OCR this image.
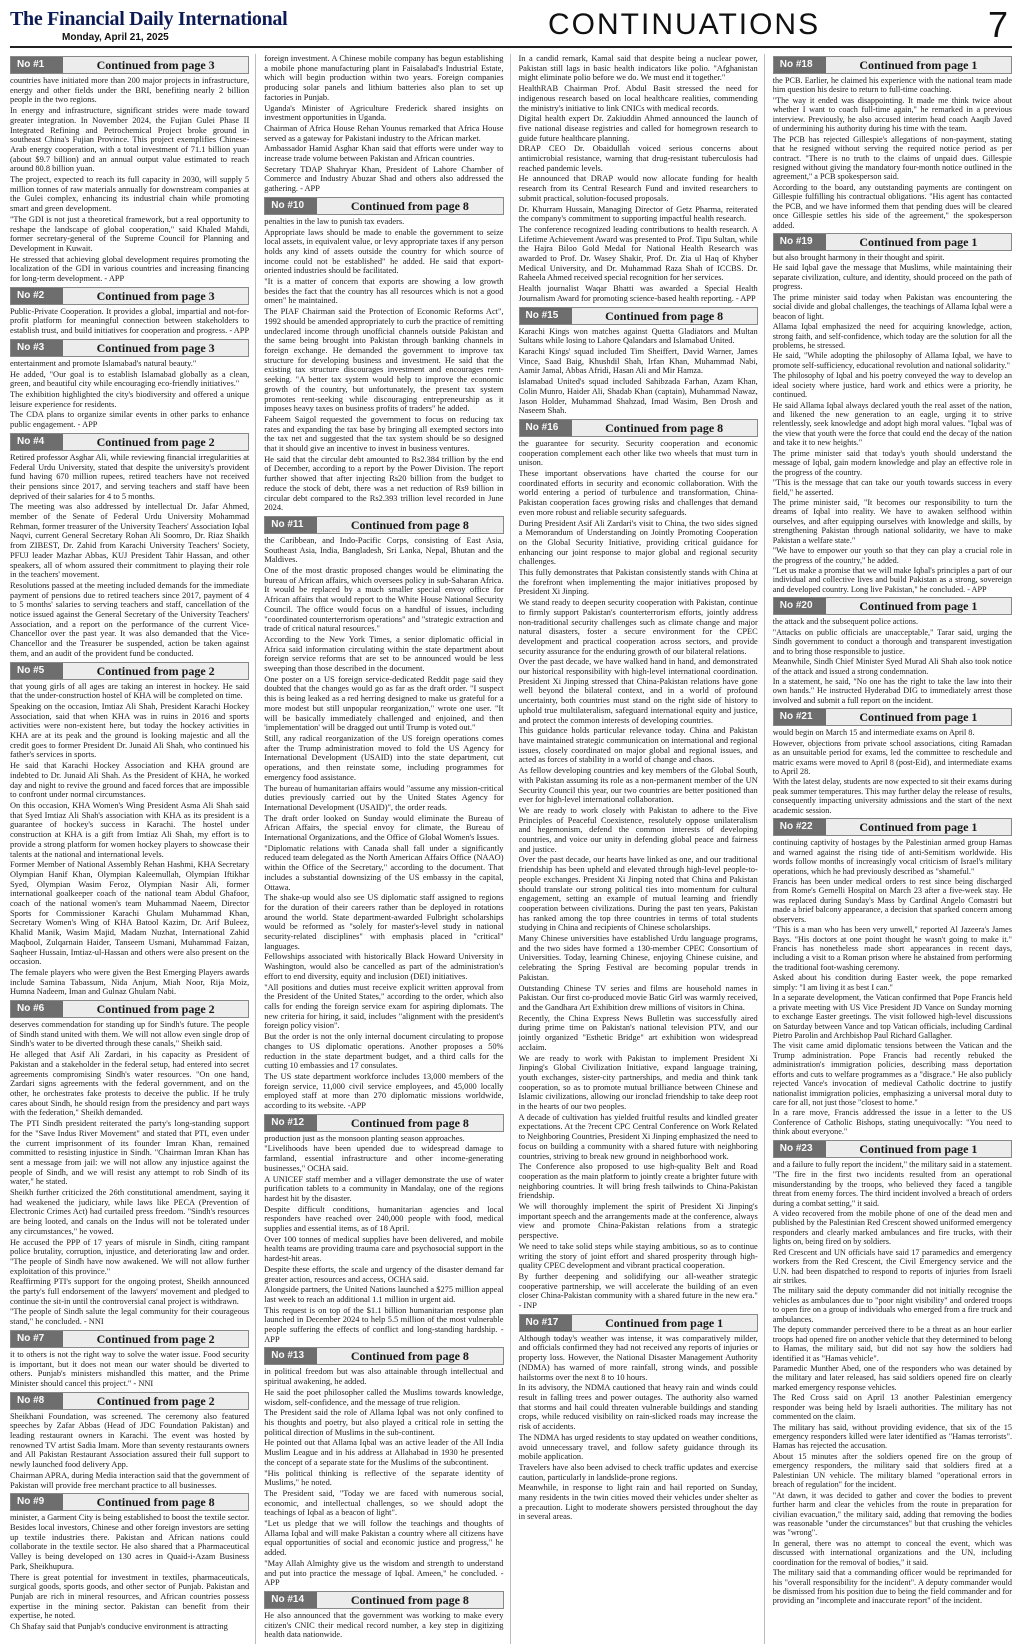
The Financial Daily International
Monday, April 21, 2025	CONTINUATIONS	7
No #1	Continued from page 3

countries have initiated more than 200 major projects in infrastructure, energy and other fields under the BRI, benefiting nearly 2 billion people in the two regions.

In energy and infrastructure, significant strides were made toward greater integration. In November 2024, the Fujian Gulei Phase II Integrated Refining and Petrochemical Project broke ground in southeast China's Fujian Province. This project exemplifies Chinese-Arab energy cooperation, with a total investment of 71.1 billion yuan (about $9.7 billion) and an annual output value estimated to reach around 80.8 billion yuan.

The project, expected to reach its full capacity in 2030, will supply 5 million tonnes of raw materials annually for downstream companies at the Gulei complex, enhancing its industrial chain while promoting smart and green development.

"The GDI is not just a theoretical framework, but a real opportunity to reshape the landscape of global cooperation," said Khaled Mahdi, former secretary-general of the Supreme Council for Planning and Development in Kuwait.

He stressed that achieving global development requires promoting the localization of the GDI in various countries and increasing financing for long-term development. - APP

No #2	Continued from page 3

Public-Private Cooperation. It provides a global, impartial and not-for-profit platform for meaningful connection between stakeholders to establish trust, and build initiatives for cooperation and progress. - APP

No #3	Continued from page 3

entertainment and promote Islamabad's natural beauty."

He added, "Our goal is to establish Islamabad globally as a clean, green, and beautiful city while encouraging eco-friendly initiatives."

The exhibition highlighted the city's biodiversity and offered a unique leisure experience for residents.

The CDA plans to organize similar events in other parks to enhance public engagement. - APP

No #4	Continued from page 2

Retired professor Asghar Ali, while reviewing financial irregularities at Federal Urdu University, stated that despite the university's provident fund having 670 million rupees, retired teachers have not received their pensions since 2017, and serving teachers and staff have been deprived of their salaries for 4 to 5 months.

The meeting was also addressed by intellectual Dr. Jafar Ahmed, member of the Senate of Federal Urdu University Mohammad Rehman, former treasurer of the University Teachers' Association Iqbal Naqvi, current General Secretary Rohan Ali Soomro, Dr. Riaz Shaikh from ZIBEST, Dr. Zahid from Karachi University Teachers' Society, PFUJ leader Mazhar Abbas, KUJ President Tahir Hassan, and other speakers, all of whom assured their commitment to playing their role in the teachers' movement.

Resolutions passed at the meeting included demands for the immediate payment of pensions due to retired teachers since 2017, payment of 4 to 5 months' salaries to serving teachers and staff, cancellation of the notice issued against the General Secretary of the University Teachers' Association, and a report on the performance of the current Vice-Chancellor over the past year. It was also demanded that the Vice-Chancellor and the Treasurer be suspended, action be taken against them, and an audit of the provident fund be conducted.

No #5	Continued from page 2

that young girls of all ages are taking an interest in hockey. He said that the under-construction hostel of KHA will be completed on time.

Speaking on the occasion, Imtiaz Ali Shah, President Karachi Hockey Association, said that when KHA was in ruins in 2016 and sports activities were non-existent here, but today the hockey activities in KHA are at its peak and the ground is looking majestic and all the credit goes to former President Dr. Junaid Ali Shah, who continued his father's services in sports.

He said that Karachi Hockey Association and KHA ground are indebted to Dr. Junaid Ali Shah. As the President of KHA, he worked day and night to revive the ground and faced forces that are impossible to confront under normal circumstances.

On this occasion, KHA Women's Wing President Asma Ali Shah said that Syed Imtiaz Ali Shah's association with KHA as its president is a guarantee of hockey's success in Karachi. The hostel under construction at KHA is a gift from Imtiaz Ali Shah, my effort is to provide a strong platform for women hockey players to showcase their talents at the national and international levels.

Former Member of National Assembly Rehan Hashmi, KHA Secretary Olympian Hanif Khan, Olympian Kaleemullah, Olympian Iftikhar Syed, Olympian Wasim Feroz, Olympian Nasir Ali, former international goalkeeper coach of the national team Abdul Ghafoor, coach of the national women's team Muhammad Naeem, Director Sports for Commissioner Karachi Ghulam Muhammad Khan, Secretary Women's Wing of KHA Batool Kazim, Dr. Arif Buleez, Khalid Manik, Wasim Majid, Madam Nuzhat, International Zahid Maqbool, Zulqarnain Haider, Tanseem Usmani, Muhammad Faizan, Saqheer Hussain, Imtiaz-ul-Hassan and others were also present on the occasion.

The female players who were given the Best Emerging Players awards include Samina Tabassum, Nida Anjum, Miah Noor, Rija Moiz, Humna Nadeem, Iman and Gulnaz Ghulam Nabi.

No #6	Continued from page 2

deserves commendation for standing up for Sindh's future. The people of Sindh stand united with them. We will not allow even single drop of Sindh's water to be diverted through these canals," Sheikh said.

He alleged that Asif Ali Zardari, in his capacity as President of Pakistan and a stakeholder in the federal setup, had entered into secret agreements compromising Sindh's water resources. "On one hand, Zardari signs agreements with the federal government, and on the other, he orchestrates fake protests to deceive the public. If he truly cares about Sindh, he should resign from the presidency and part ways with the federation," Sheikh demanded.

The PTI Sindh president reiterated the party's long-standing support for the "Save Indus River Movement" and stated that PTI, even under the current imprisonment of its founder Imran Khan, remained committed to resisting injustice in Sindh. "Chairman Imran Khan has sent a message from jail: we will not allow any injustice against the people of Sindh, and we will resist any attempt to rob Sindh of its water," he stated.

Sheikh further criticized the 26th constitutional amendment, saying it had weakened the judiciary, while laws like PECA (Prevention of Electronic Crimes Act) had curtailed press freedom. "Sindh's resources are being looted, and canals on the Indus will not be tolerated under any circumstances," he vowed.

He accused the PPP of 17 years of misrule in Sindh, citing rampant police brutality, corruption, injustice, and deteriorating law and order. "The people of Sindh have now awakened. We will not allow further exploitation of this province."

Reaffirming PTI's support for the ongoing protest, Sheikh announced the party's full endorsement of the lawyers' movement and pledged to continue the sit-in until the controversial canal project is withdrawn.

"The people of Sindh salute the legal community for their courageous stand," he concluded. - NNI

No #7	Continued from page 2

it to others is not the right way to solve the water issue. Food security is important, but it does not mean our water should be diverted to others. Punjab's ministers mishandled this matter, and the Prime Minister should cancel this project." - NNI

No #8	Continued from page 2

Sheikhani Foundation, was screened. The ceremony also featured speeches by Zafar Abbas (Head of JDC Foundation Pakistan) and leading restaurant owners in Karachi. The event was hosted by renowned TV artist Sadia Imam. More than seventy restaurants owners and All Pakistan Restaurant Association assured their full support to newly launched food delivery App.

Chairman APRA, during Media interaction said that the government of Pakistan will provide free merchant practice to all businesses.

No #9	Continued from page 8

minister, a Garment City is being established to boost the textile sector. Besides local investors, Chinese and other foreign investors are setting up textile industries there. Pakistan and African nations could collaborate in the textile sector. He also shared that a Pharmaceutical Valley is being developed on 130 acres in Quaid-i-Azam Business Park, Sheikhupura.

There is great potential for investment in textiles, pharmaceuticals, surgical goods, sports goods, and other sector of Punjab. Pakistan and Punjab are rich in mineral resources, and African countries possess expertise in the mining sector. Pakistan can benefit from their expertise, he noted.

Ch Shafay said that Punjab's conducive environment is attracting

foreign investment. A Chinese mobile company has begun establishing a mobile phone manufacturing plant in Faisalabad's Industrial Estate, which will begin production within two years. Foreign companies producing solar panels and lithium batteries also plan to set up factories in Punjab.

Uganda's Minister of Agriculture Frederick shared insights on investment opportunities in Uganda.

Chairman of Africa House Rehan Younus remarked that Africa House served as a gateway for Pakistani industry to the African market.

Ambassador Hamid Asghar Khan said that efforts were under way to increase trade volume between Pakistan and African countries.

Secretary TDAP Shahryar Khan, President of Lahore Chamber of Commerce and Industry Abuzar Shad and others also addressed the gathering. - APP

No #10	Continued from page 8

penalties in the law to punish tax evaders.

Appropriate laws should be made to enable the government to seize local assets, in equivalent value, or levy appropriate taxes if any person holds any kind of assets outside the country for which source of income could not be established" he added. He said that export-oriented industries should be facilitated.

"It is a matter of concern that exports are showing a low growth besides the fact that the country has all resources which is not a good omen" he maintained.

The PIAF Chairman said the Protection of Economic Reforms Act", 1992 should be amended appropriately to curb the practice of remitting undeclared income through unofficial channels outside Pakistan and the same being brought into Pakistan through banking channels in foreign exchange. He demanded the government to improve tax structure for developing business and investment. He said that the existing tax structure discourages investment and encourages rent-seeking. "A better tax system would help to improve the economic growth of the country, but unfortunately, the present tax system promotes rent-seeking while discouraging entrepreneurship as it imposes heavy taxes on business profits of traders" he added.

Faheem Saigol requested the government to focus on reducing tax rates and expanding the tax base by bringing all exempted sectors into the tax net and suggested that the tax system should be so designed that it should give an incentive to invest in business ventures.

He said that the circular debt amounted to Rs2.384 trillion by the end of December, according to a report by the Power Division. The report further showed that after injecting Rs20 billion from the budget to reduce the stock of debt, there was a net reduction of Rs9 billion in circular debt compared to the Rs2.393 trillion level recorded in June 2024.

No #11	Continued from page 8

the Caribbean, and Indo-Pacific Corps, consisting of East Asia, Southeast Asia, India, Bangladesh, Sri Lanka, Nepal, Bhutan and the Maldives.

One of the most drastic proposed changes would be eliminating the bureau of African affairs, which oversees policy in sub-Saharan Africa. It would be replaced by a much smaller special envoy office for African affairs that would report to the White House National Security Council. The office would focus on a handful of issues, including "coordinated counterterrorism operations" and "strategic extraction and trade of critical natural resources."

According to the New York Times, a senior diplomatic official in Africa said information circulating within the state department about foreign service reforms that are set to be announced would be less sweeping than those described in the document.

One poster on a US foreign service-dedicated Reddit page said they doubted that the changes would go as far as the draft order. "I suspect this is being leaked as a red herring designed to make us grateful for a more modest but still unpopular reorganization," wrote one user. "It will be basically immediately challenged and enjoined, and then 'implementation' will be dragged out until Trump is voted out."

Still, any radical reorganization of the US foreign operations comes after the Trump administration moved to fold the US Agency for International Development (USAID) into the state department, cut operations, and then reinstate some, including programmes for emergency food assistance.

The bureau of humanitarian affairs would "assume any mission-critical duties previously carried out by the United States Agency for International Development (USAID)", the order reads.

The draft order looked on Sunday would eliminate the Bureau of African Affairs, the special envoy for climate, the Bureau of International Organizations, and the Office of Global Women's Issues.

"Diplomatic relations with Canada shall fall under a significantly reduced team delegated as the North American Affairs Office (NAAO) within the Office of the Secretary," according to the document. That includes a substantial downsizing of the US embassy in the capital, Ottawa.

The shake-up would also see US diplomatic staff assigned to regions for the duration of their careers rather than be deployed in rotations around the world. State department-awarded Fulbright scholarships would be reformed as "solely for master's-level study in national security-related disciplines" with emphasis placed in "critical" languages.

Fellowships associated with historically Black Howard University in Washington, would also be cancelled as part of the administration's effort to end diversity, equity and inclusion (DEI) initiatives.

"All positions and duties must receive explicit written approval from the President of the United States," according to the order, which also calls for ending the foreign service exam for aspiring diplomats. The new criteria for hiring, it said, includes "alignment with the president's foreign policy vision".

But the order is not the only internal document circulating to propose changes to US diplomatic operations. Another proposes a 50% reduction in the state department budget, and a third calls for the cutting 10 embassies and 17 consulates.

The US state department workforce includes 13,000 members of the foreign service, 11,000 civil service employees, and 45,000 locally employed staff at more than 270 diplomatic missions worldwide, according to its website. -APP

No #12	Continued from page 8

production just as the monsoon planting season approaches.

"Livelihoods have been upended due to widespread damage to farmland, essential infrastructure and other income-generating businesses," OCHA said.

A UNICEF staff member and a villager demonstrate the use of water purification tablets to a community in Mandalay, one of the regions hardest hit by the disaster.

Despite difficult conditions, humanitarian agencies and local responders have reached over 240,000 people with food, medical supplies and essential items, as of 18 April.

Over 100 tonnes of medical supplies have been delivered, and mobile health teams are providing trauma care and psychosocial support in the hardest-hit areas.

Despite these efforts, the scale and urgency of the disaster demand far greater action, resources and access, OCHA said.

Alongside partners, the United Nations launched a $275 million appeal last week to reach an additional 1.1 million in urgent aid.

This request is on top of the $1.1 billion humanitarian response plan launched in December 2024 to help 5.5 million of the most vulnerable people suffering the effects of conflict and long-standing hardship. - APP

No #13	Continued from page 8

in political freedom but was also attainable through intellectual and spiritual awakening, he added.

He said the poet philosopher called the Muslims towards knowledge, wisdom, self-confidence, and the message of true religion.

The President said the role of Allama Iqbal was not only confined to his thoughts and poetry, but also played a critical role in setting the political direction of Muslims in the sub-continent.

He pointed out that Allama Iqbal was an active leader of the All India Muslim League and in his address at Allahabad in 1930 he presented the concept of a separate state for the Muslims of the subcontinent.

"His political thinking is reflective of the separate identity of Muslims," he noted.

The President said, "Today we are faced with numerous social, economic, and intellectual challenges, so we should adopt the teachings of Iqbal as a beacon of light".

"Let us pledge that we will follow the teachings and thoughts of Allama Iqbal and will make Pakistan a country where all citizens have equal opportunities of social and economic justice and progress," he added.

"May Allah Almighty give us the wisdom and strength to understand and put into practice the message of Iqbal. Ameen," he concluded. - APP

No #14	Continued from page 8

He also announced that the government was working to make every citizen's CNIC their medical record number, a key step in digitizing health data nationwide.

In a candid remark, Kamal said that despite being a nuclear power, Pakistan still lags in basic health indicators like polio. "Afghanistan might eliminate polio before we do. We must end it together."

HealthRAB Chairman Prof. Abdul Basit stressed the need for indigenous research based on local healthcare realities, commending the ministry's initiative to link CNICs with medical records.

Digital health expert Dr. Zakiuddin Ahmed announced the launch of five national disease registries and called for homegrown research to guide future healthcare planning.

DRAP CEO Dr. Obaidullah voiced serious concerns about antimicrobial resistance, warning that drug-resistant tuberculosis had reached pandemic levels.

He announced that DRAP would now allocate funding for health research from its Central Research Fund and invited researchers to submit practical, solution-focused proposals.

Dr. Khurram Hussain, Managing Director of Getz Pharma, reiterated the company's commitment to supporting impactful health research.

The conference recognized leading contributions to health research. A Lifetime Achievement Award was presented to Prof. Tipu Sultan, while the Hajra Biloo Gold Medal for National Health Research was awarded to Prof. Dr. Wasey Shakir, Prof. Dr. Zia ul Haq of Khyber Medical University, and Dr. Muhammad Raza Shah of ICCBS. Dr. Raheela Ahmed received special recognition for her services.

Health journalist Waqar Bhatti was awarded a Special Health Journalism Award for promoting science-based health reporting. - APP

No #15	Continued from page 8

Karachi Kings won matches against Quetta Gladiators and Multan Sultans while losing to Lahore Qalandars and Islamabad United.

Karachi Kings' squad included Tim Sheiffert, David Warner, James Vince, Saad Baig, Khushdil Shah, Irfan Khan, Muhammad Nabi, Aamir Jamal, Abbas Afridi, Hasan Ali and Mir Hamza.

Islamabad United's squad included Sahibzada Farhan, Azam Khan, Colin Munro, Haider Ali, Shadab Khan (captain), Muhammad Nawaz, Jason Holder, Muhammad Shahzad, Imad Wasim, Ben Drosh and Naseem Shah.

No #16	Continued from page 8

the guarantee for security. Security cooperation and economic cooperation complement each other like two wheels that must turn in unison.

These important observations have charted the course for our coordinated efforts in security and economic collaboration. With the world entering a period of turbulence and transformation, China-Pakistan cooperation faces growing risks and challenges that demand even more robust and reliable security safeguards.

During President Asif Ali Zardari's visit to China, the two sides signed a Memorandum of Understanding on Jointly Promoting Cooperation on the Global Security Initiative, providing critical guidance for enhancing our joint response to major global and regional security challenges.

This fully demonstrates that Pakistan consistently stands with China at the forefront when implementing the major initiatives proposed by President Xi Jinping.

We stand ready to deepen security cooperation with Pakistan, continue to firmly support Pakistan's counterterrorism efforts, jointly address non-traditional security challenges such as climate change and major natural disasters, foster a secure environment for the CPEC development and practical cooperation across sectors, and provide security assurance for the enduring growth of our bilateral relations.

Over the past decade, we have walked hand in hand, and demonstrated our historical responsibility with high-level international coordination. President Xi Jinping stressed that China-Pakistan relations have gone well beyond the bilateral context, and in a world of profound uncertainty, both countries must stand on the right side of history to uphold true multilateralism, safeguard international equity and justice, and protect the common interests of developing countries.

This guidance holds particular relevance today. China and Pakistan have maintained strategic communication on international and regional issues, closely coordinated on major global and regional issues, and acted as forces of stability in a world of change and chaos.

As fellow developing countries and key members of the Global South, with Pakistan assuming its role as a non-permanent member of the UN Security Council this year, our two countries are better positioned than ever for high-level international collaboration.

We are ready to work closely with Pakistan to adhere to the Five Principles of Peaceful Coexistence, resolutely oppose unilateralism and hegemonism, defend the common interests of developing countries, and voice our unity in defending global peace and fairness and justice.

Over the past decade, our hearts have linked as one, and our traditional friendship has been upheld and elevated through high-level people-to-people exchanges. President Xi Jinping noted that China and Pakistan should translate our strong political ties into momentum for cultural engagement, setting an example of mutual learning and friendly cooperation between civilizations. During the past ten years, Pakistan has ranked among the top three countries in terms of total students studying in China and recipients of Chinese scholarships.

Many Chinese universities have established Urdu language programs, and the two sides have formed a 130-member CPEC Consortium of Universities. Today, learning Chinese, enjoying Chinese cuisine, and celebrating the Spring Festival are becoming popular trends in Pakistan.

Outstanding Chinese TV series and films are household names in Pakistan. Our first co-produced movie Batic Girl was warmly received, and the Gandhara Art Exhibition drew millions of visitors in China.

Recently, the China Express News Bulletin was successfully aired during prime time on Pakistan's national television PTV, and our jointly organized "Esthetic Bridge" art exhibition won widespread acclaim.

We are ready to work with Pakistan to implement President Xi Jinping's Global Civilization Initiative, expand language training, youth exchanges, sister-city partnerships, and media and think tank cooperation, so as to promote mutual brilliance between Chinese and Islamic civilizations, allowing our ironclad friendship to take deep root in the hearts of our two peoples.

A decade of cultivation has yielded fruitful results and kindled greater expectations. At the ?recent CPC Central Conference on Work Related to Neighboring Countries, President Xi Jinping emphasized the need to focus on building a community with a shared future with neighboring countries, striving to break new ground in neighborhood work.

The Conference also proposed to use high-quality Belt and Road cooperation as the main platform to jointly create a brighter future with neighboring countries. It will bring fresh tailwinds to China-Pakistan friendship.

We will thoroughly implement the spirit of President Xi Jinping's important speech and the arrangements made at the conference, always view and promote China-Pakistan relations from a strategic perspective.

We need to take solid steps while staying ambitious, so as to continue writing the story of joint effort and shared prosperity through high-quality CPEC development and vibrant practical cooperation.

By further deepening and solidifying our all-weather strategic cooperative partnership, we will accelerate the building of an even closer China-Pakistan community with a shared future in the new era." - INP

No #17	Continued from page 1

Although today's weather was intense, it was comparatively milder, and officials confirmed they had not received any reports of injuries or property loss. However, the National Disaster Management Authority (NDMA) has warned of more rainfall, strong winds, and possible hailstorms over the next 8 to 10 hours.

In its advisory, the NDMA cautioned that heavy rain and winds could result in falling trees and power outages. The authority also warned that storms and hail could threaten vulnerable buildings and standing crops, while reduced visibility on rain-slicked roads may increase the risk of accidents.

The NDMA has urged residents to stay updated on weather conditions, avoid unnecessary travel, and follow safety guidance through its mobile application.

Travelers have also been advised to check traffic updates and exercise caution, particularly in landslide-prone regions.

Meanwhile, in response to light rain and hail reported on Sunday, many residents in the twin cities moved their vehicles under shelter as a precaution. Light to moderate showers persisted throughout the day in several areas.

No #18	Continued from page 1

the PCB. Earlier, he claimed his experience with the national team made him question his desire to return to full-time coaching.

"The way it ended was disappointing. It made me think twice about whether I want to coach full-time again," he remarked in a previous interview. Previously, he also accused interim head coach Aaqib Javed of undermining his authority during his time with the team.

The PCB has rejected Gillespie's allegations of non-payment, stating that he resigned without serving the required notice period as per contract. "There is no truth to the claims of unpaid dues. Gillespie resigned without giving the mandatory four-month notice outlined in the agreement," a PCB spokesperson said.

According to the board, any outstanding payments are contingent on Gillespie fulfilling his contractual obligations. "His agent has contacted the PCB, and we have informed them that pending dues will be cleared once Gillespie settles his side of the agreement," the spokesperson added.

No #19	Continued from page 1

but also brought harmony in their thought and spirit.

He said Iqbal gave the message that Muslims, while maintaining their separate civilization, culture, and identity, should proceed on the path of progress.

The prime minister said today when Pakistan was encountering the social divide and global challenges, the teachings of Allama Iqbal were a beacon of light.

Allama Iqbal emphasized the need for acquiring knowledge, action, strong faith, and self-confidence, which today are the solution for all the problems, he stressed.

He said, "While adopting the philosophy of Allama Iqbal, we have to promote self-sufficiency, educational revolution and national solidarity."

The philosophy of Iqbal and his poetry conveyed the way to develop an ideal society where justice, hard work and ethics were a priority, he continued.

He said Allama Iqbal always declared youth the real asset of the nation, and likened the new generation to an eagle, urging it to strive relentlessly, seek knowledge and adopt high moral values. "Iqbal was of the view that youth were the force that could end the decay of the nation and take it to new heights."

The prime minister said that today's youth should understand the message of Iqbal, gain modern knowledge and play an effective role in the progress of the country.

"This is the message that can take our youth towards success in every field," he asserted.

The prime minister said, "It becomes our responsibility to turn the dreams of Iqbal into reality. We have to awaken selfhood within ourselves, and after equipping ourselves with knowledge and skills, by strengthening Pakistan through national solidarity, we have to make Pakistan a welfare state."

"We have to empower our youth so that they can play a crucial role in the progress of the country," he added.

"Let us make a promise that we will make Iqbal's principles a part of our individual and collective lives and build Pakistan as a strong, sovereign and developed country. Long live Pakistan," he concluded. - APP

No #20	Continued from page 1

the attack and the subsequent police actions.

"Attacks on public officials are unacceptable," Tarar said, urging the Sindh government to conduct a thorough and transparent investigation and to bring those responsible to justice.

Meanwhile, Sindh Chief Minister Syed Murad Ali Shah also took notice of the attack and issued a strong condemnation.

In a statement, he said, "No one has the right to take the law into their own hands." He instructed Hyderabad DIG to immediately arrest those involved and submit a full report on the incident.

No #21	Continued from page 1

would begin on March 15 and intermediate exams on April 8.

However, objections from private school associations, citing Ramadan as an unsuitable period for exams, led the committee to reschedule and matric exams were moved to April 8 (post-Eid), and intermediate exams to April 28.

With the latest delay, students are now expected to sit their exams during peak summer temperatures. This may further delay the release of results, consequently impacting university admissions and the start of the next academic session.

No #22	Continued from page 1

continuing captivity of hostages by the Palestinian armed group Hamas and warned against the rising tide of anti-Semitism worldwide. His words follow months of increasingly vocal criticism of Israel's military operations, which he had previously described as "shameful."

Francis has been under medical orders to rest since being discharged from Rome's Gemelli Hospital on March 23 after a five-week stay. He was replaced during Sunday's Mass by Cardinal Angelo Comastri but made a brief balcony appearance, a decision that sparked concern among observers.

"This is a man who has been very unwell," reported Al Jazeera's James Bays. "His doctors at one point thought he wasn't going to make it." Francis has nonetheless made short appearances in recent days, including a visit to a Roman prison where he abstained from performing the traditional foot-washing ceremony.

Asked about his condition during Easter week, the pope remarked simply: "I am living it as best I can."

In a separate development, the Vatican confirmed that Pope Francis held a private meeting with US Vice President JD Vance on Sunday morning to exchange Easter greetings. The visit followed high-level discussions on Saturday between Vance and top Vatican officials, including Cardinal Pietro Parolin and Archbishop Paul Richard Gallagher.

The visit came amid diplomatic tensions between the Vatican and the Trump administration. Pope Francis had recently rebuked the administration's immigration policies, describing mass deportation efforts and cuts to welfare programmes as a "disgrace." He also publicly rejected Vance's invocation of medieval Catholic doctrine to justify nationalist immigration policies, emphasizing a universal moral duty to care for all, not just those "closest to home."

In a rare move, Francis addressed the issue in a letter to the US Conference of Catholic Bishops, stating unequivocally: "You need to think about everyone."

No #23	Continued from page 1

and a failure to fully report the incident," the military said in a statement.

"The fire in the first two incidents resulted from an operational misunderstanding by the troops, who believed they faced a tangible threat from enemy forces. The third incident involved a breach of orders during a combat setting," it said.

A video recovered from the mobile phone of one of the dead men and published by the Palestinian Red Crescent showed uniformed emergency responders and clearly marked ambulances and fire trucks, with their lights on, being fired on by soldiers.

Red Crescent and UN officials have said 17 paramedics and emergency workers from the Red Crescent, the Civil Emergency service and the U.N. had been dispatched to respond to reports of injuries from Israeli air strikes.

The military said the deputy commander did not initially recognise the vehicles as ambulances due to "poor night visibility" and ordered troops to open fire on a group of individuals who emerged from a fire truck and ambulances.

The deputy commander perceived there to be a threat as an hour earlier troops had opened fire on another vehicle that they determined to belong to Hamas, the military said, but did not say how the soldiers had identified it as "Hamas vehicle".

Paramedic Munther Abed, one of the responders who was detained by the military and later released, has said soldiers opened fire on clearly marked emergency response vehicles.

The Red Cross said on April 13 another Palestinian emergency responder was being held by Israeli authorities. The military has not commented on the claim.

The military has said, without providing evidence, that six of the 15 emergency responders killed were later identified as "Hamas terrorists". Hamas has rejected the accusation.

About 15 minutes after the soldiers opened fire on the group of emergency responders, the military said that soldiers fired at a Palestinian UN vehicle. The military blamed "operational errors in breach of regulation" for the incident.

"At dawn, it was decided to gather and cover the bodies to prevent further harm and clear the vehicles from the route in preparation for civilian evacuation," the military said, adding that removing the bodies was reasonable "under the circumstances" but that crushing the vehicles was "wrong".

In general, there was no attempt to conceal the event, which was discussed with international organizations and the UN, including coordination for the removal of bodies," it said.

The military said that a commanding officer would be reprimanded for his "overall responsibility for the incident". A deputy commander would be dismissed from his position due to being the field commander and for providing an "incomplete and inaccurate report" of the incident.
